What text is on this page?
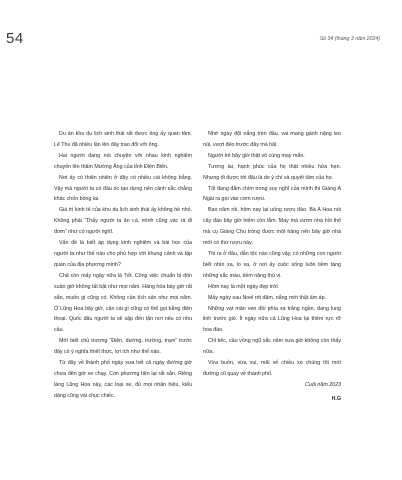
54	Số 34 (tháng 3 năm 2024)

Du án khu du lịch sinh thái rất được ông ấy quan tâm. Lê Thu đã nhiều lần lên đây trao đổi với ông.

Hai người đang nói chuyện với nhau kinh nghiệm chuyến lên thăm Mường Ảng của tỉnh Điện Biên.

Nơi ấy có thiên nhiên ở đây có nhiều cái không bằng. Vậy mà người ta có đầu óc tạo dựng nên cảnh sắc chẳng khác chốn bồng lai.

Giá trị kinh tế của khu du lịch sinh thái ấy không hề nhỏ. Không phải “Thấy người ta ăn cá, mình cũng vác rá đi đơm” như có người nghĩ.

Vấn đề là biết áp dụng kinh nghiệm và bài học của người ta như thế nào cho phù hợp với khung cảnh và tập quán của địa phương mình?

Chả còn mấy ngày nữa là Tết. Công việc chuẩn bị đón xuân giờ không tất bật như mọi năm. Hàng hóa bày giờ rất sẵn, muốn gì cũng có. Không cần tích sản như mọi năm. Ở Lũng Hoa bây giờ, cần cái gì cũng có thể gọi bằng điện thoại. Quốc đâu người ta sẽ sập đến tận nơi nếu có nhu cầu.

Mới biết chủ trương “Điện, đường, trường, trạm” trước đây có ý nghĩa thiết thực, lợi ích như thế nào.

Từ đây về thành phố ngày xưa hết cả ngày đường giờ chưa đến giờ xe chạy. Con phương tiện lại rất sẵn. Riêng làng Lũng Hoa này, các loại xe, đủ mọi nhãn hiệu, kiểu dáng cũng vài chục chiếc.

Nhớ ngày đội nắng trèn đầu, vai mang gánh nặng leo núi, vượt đèo trước đây mà hãi.

Người trẻ bây giờ thật vô cùng may mắn.

Tương lai, hạnh phúc của họ thật nhiều hứa hẹn. Nhưng đi được tới đâu là do ý chí và quyết tâm của họ.

Tối đang đắm chìm trong suy nghĩ của mình thì Giàng A Ngài ra gọi vào cơm rượu.

Bao năm rồi, hôm nay lại uống rượu đào. Bà A Hoa nói cây đào bây giờ hiếm còn lắm. May mà vườn nhà hồi thổ mà cụ Giàng Chu trồng được một hàng nên bây giờ nhà mới có thứ rượu này.

Thi ra ở đâu, dẫn tộc nào cũng vậy, có những con người biết nhìn xa, lo xa, ở nơi ấy cuộc sống luôn tiềm tàng những sắc màu, tiềm năng thú vị.

Hôm nay là một ngày đẹp trời.

Mấy ngày sau Noel rét đậm, nắng mới thật ấm áp.

Những vạt mận ven đồi phía xa trắng ngần, đang lung linh trước gió. Ít ngày nữa cả Lũng Hoa lại thêm rực rỡ hoa đào.

Chỉ tiếc, cầu vồng ngũ sắc năm xưa giờ không còn thấy nữa.

Vừa buồn, vừa vui, mãi xế chiều xe chúng tôi mới đường cũ quay về thành phố.

Cuối năm 2023

H.G
